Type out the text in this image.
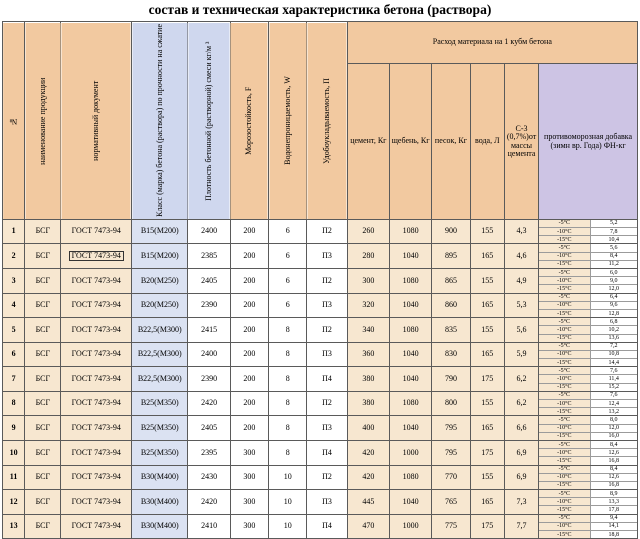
состав и техническая характеристика бетона (раствора)
№	наименование продукции	нормативный документ	Класс (марка) бетона (раствора) по прочности на сжатие	Плотность бетонной (растворной) смеси кг/м ³	Морозостойкость, F	Водонепроницаемость, W	Удобоукладываемость, П	Расход материала на 1 кубм бетона
цемент, Кг	щебень, Кг	песок, Кг	вода, Л	С-3 (0,7%)от массы цемента	противоморозная добавка (зимн вр. Года) ФН-кг
1	БСГ	ГОСТ 7473-94	В15(М200)	2400	200	6	П2	260	1080	900	155	4,3	
-5°C	5,2
-10°C	7,8
-15°C	10,4

2	БСГ	ГОСТ 7473-94	В15(М200)	2385	200	6	П3	280	1040	895	165	4,6	
-5°C	5,6
-10°C	8,4
-15°C	11,2

3	БСГ	ГОСТ 7473-94	В20(М250)	2405	200	6	П2	300	1080	865	155	4,9	
-5°C	6,0
-10°C	9,0
-15°C	12,0

4	БСГ	ГОСТ 7473-94	В20(М250)	2390	200	6	П3	320	1040	860	165	5,3	
-5°C	6,4
-10°C	9,6
-15°C	12,8

5	БСГ	ГОСТ 7473-94	В22,5(М300)	2415	200	8	П2	340	1080	835	155	5,6	
-5°C	6,8
-10°C	10,2
-15°C	13,6

6	БСГ	ГОСТ 7473-94	В22,5(М300)	2400	200	8	П3	360	1040	830	165	5,9	
-5°C	7,2
-10°C	10,8
-15°C	14,4

7	БСГ	ГОСТ 7473-94	В22,5(М300)	2390	200	8	П4	380	1040	790	175	6,2	
-5°C	7,6
-10°C	11,4
-15°C	15,2

8	БСГ	ГОСТ 7473-94	В25(М350)	2420	200	8	П2	380	1080	800	155	6,2	
-5°C	7,6
-10°C	12,4
-15°C	13,2

9	БСГ	ГОСТ 7473-94	В25(М350)	2405	200	8	П3	400	1040	795	165	6,6	
-5°C	8,0
-10°C	12,0
-15°C	16,0

10	БСГ	ГОСТ 7473-94	В25(М350)	2395	300	8	П4	420	1000	795	175	6,9	
-5°C	8,4
-10°C	12,6
-15°C	16,8

11	БСГ	ГОСТ 7473-94	В30(М400)	2430	300	10	П2	420	1080	770	155	6,9	
-5°C	8,4
-10°C	12,6
-15°C	16,8

12	БСГ	ГОСТ 7473-94	В30(М400)	2420	300	10	П3	445	1040	765	165	7,3	
-5°C	8,9
-10°C	13,3
-15°C	17,8

13	БСГ	ГОСТ 7473-94	В30(М400)	2410	300	10	П4	470	1000	775	175	7,7	
-5°C	9,4
-10°C	14,1
-15°C	18,8
